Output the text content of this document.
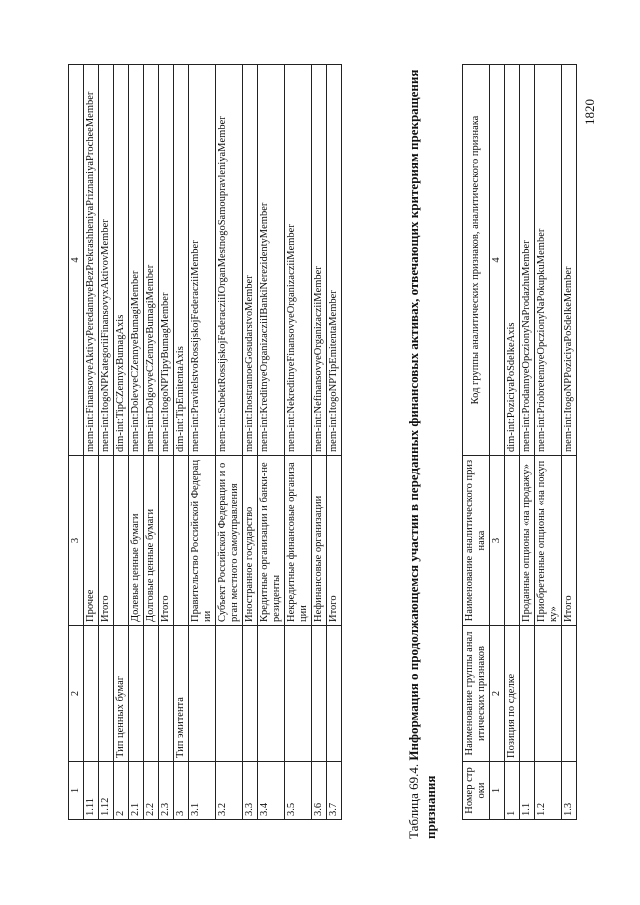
1	2	3	4
1.11		Прочее	mem-int:FinansovyeAktivyPeredannyeBezPrekrashheniyaPriznaniyaProcheeMember
1.12		Итого	mem-int:ItogoNPKategoriiFinansovyxAktivovMember
2	Тип ценных бумаг		dim-int:TipCZennyxBumagAxis
2.1		Долевые ценные бумаги	mem-int:DolevyeCZennyeBumagiMember
2.2		Долговые ценные бумаги	mem-int:DolgovyeCZennyeBumagiMember
2.3		Итого	mem-int:ItogoNPTipyBumagMember
3	Тип эмитента		dim-int:TipEmitentaAxis
3.1		Правительство Российской Федерации	mem-int:PravitelstvoRossijskojFederacziiMember
3.2		Субъект Российской Федерации и орган местного самоуправления	mem-int:SubektRossijskojFederacziiIOrganMestnogoSamoupravleniyaMember
3.3		Иностранное государство	mem-int:InostrannoeGosudarstvoMember
3.4		Кредитные организации и банки-нерезиденты	mem-int:KreditnyeOrganizacziiIBankiNerezidentyMember
3.5		Некредитные финансовые организации	mem-int:NekreditnyeFinansovyeOrganizacziiMember
3.6		Нефинансовые организации	mem-int:NefinansovyeOrganizacziiMember
3.7		Итого	mem-int:ItogoNPTipEmitentaMember
Таблица 69.4. Информация о продолжающемся участии в переданных финансовых активах, отвечающих критериям прекращения признания Номер строки	Наименование группы аналитических признаков	Наименование аналитического признака	Код группы аналитических признаков, аналитического признака
1	2	3	4
1	Позиция по сделке		dim-int:PoziciyaPoSdelkeAxis
1.1		Проданные опционы «на продажу»	mem-int:ProdannyeOpczionyNaProdazhuMember
1.2		Приобретенные опционы «на покупку»	mem-int:PriobretennyeOpczionyNaPokupkuMember
1.3		Итого	mem-int:ItogoNPPoziciyaPoSdelkeMember
1820
